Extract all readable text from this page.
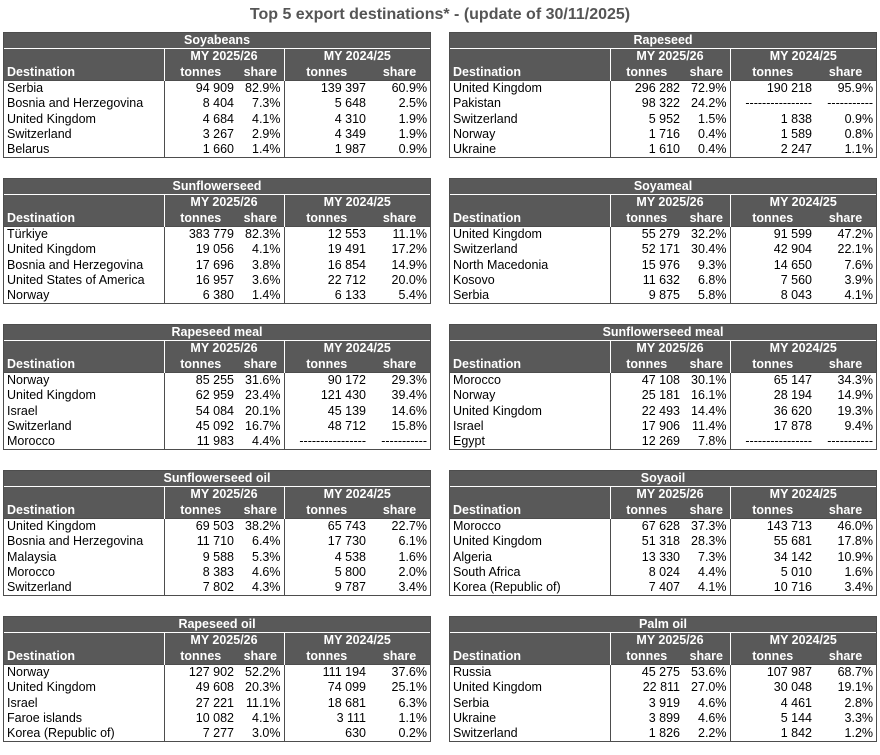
Top 5 export destinations* - (update of 30/11/2025)
Soyabeans				
Destination	MY 2025/26		MY 2024/25	
	tonnes	share	tonnes	share
Serbia	94 909	82.9%	139 397	60.9%
Bosnia and Herzegovina	8 404	7.3%	5 648	2.5%
United Kingdom	4 684	4.1%	4 310	1.9%
Switzerland	3 267	2.9%	4 349	1.9%
Belarus	1 660	1.4%	1 987	0.9%
Rapeseed				
Destination	MY 2025/26		MY 2024/25	
	tonnes	share	tonnes	share
United Kingdom	296 282	72.9%	190 218	95.9%
Pakistan	98 322	24.2%	----------------	-----------
Switzerland	5 952	1.5%	1 838	0.9%
Norway	1 716	0.4%	1 589	0.8%
Ukraine	1 610	0.4%	2 247	1.1%
Sunflowerseed				
Destination	MY 2025/26		MY 2024/25	
	tonnes	share	tonnes	share
Türkiye	383 779	82.3%	12 553	11.1%
United Kingdom	19 056	4.1%	19 491	17.2%
Bosnia and Herzegovina	17 696	3.8%	16 854	14.9%
United States of America	16 957	3.6%	22 712	20.0%
Norway	6 380	1.4%	6 133	5.4%
Soyameal				
Destination	MY 2025/26		MY 2024/25	
	tonnes	share	tonnes	share
United Kingdom	55 279	32.2%	91 599	47.2%
Switzerland	52 171	30.4%	42 904	22.1%
North Macedonia	15 976	9.3%	14 650	7.6%
Kosovo	11 632	6.8%	7 560	3.9%
Serbia	9 875	5.8%	8 043	4.1%
Rapeseed meal				
Destination	MY 2025/26		MY 2024/25	
	tonnes	share	tonnes	share
Norway	85 255	31.6%	90 172	29.3%
United Kingdom	62 959	23.4%	121 430	39.4%
Israel	54 084	20.1%	45 139	14.6%
Switzerland	45 092	16.7%	48 712	15.8%
Morocco	11 983	4.4%	----------------	-----------
Sunflowerseed meal				
Destination	MY 2025/26		MY 2024/25	
	tonnes	share	tonnes	share
Morocco	47 108	30.1%	65 147	34.3%
Norway	25 181	16.1%	28 194	14.9%
United Kingdom	22 493	14.4%	36 620	19.3%
Israel	17 906	11.4%	17 878	9.4%
Egypt	12 269	7.8%	----------------	-----------
Sunflowerseed oil				
Destination	MY 2025/26		MY 2024/25	
	tonnes	share	tonnes	share
United Kingdom	69 503	38.2%	65 743	22.7%
Bosnia and Herzegovina	11 710	6.4%	17 730	6.1%
Malaysia	9 588	5.3%	4 538	1.6%
Morocco	8 383	4.6%	5 800	2.0%
Switzerland	7 802	4.3%	9 787	3.4%
Soyaoil				
Destination	MY 2025/26		MY 2024/25	
	tonnes	share	tonnes	share
Morocco	67 628	37.3%	143 713	46.0%
United Kingdom	51 318	28.3%	55 681	17.8%
Algeria	13 330	7.3%	34 142	10.9%
South Africa	8 024	4.4%	5 010	1.6%
Korea (Republic of)	7 407	4.1%	10 716	3.4%
Rapeseed oil				
Destination	MY 2025/26		MY 2024/25	
	tonnes	share	tonnes	share
Norway	127 902	52.2%	111 194	37.6%
United Kingdom	49 608	20.3%	74 099	25.1%
Israel	27 221	11.1%	18 681	6.3%
Faroe islands	10 082	4.1%	3 111	1.1%
Korea (Republic of)	7 277	3.0%	630	0.2%
Palm oil				
Destination	MY 2025/26		MY 2024/25	
	tonnes	share	tonnes	share
Russia	45 275	53.6%	107 987	68.7%
United Kingdom	22 811	27.0%	30 048	19.1%
Serbia	3 919	4.6%	4 461	2.8%
Ukraine	3 899	4.6%	5 144	3.3%
Switzerland	1 826	2.2%	1 842	1.2%
